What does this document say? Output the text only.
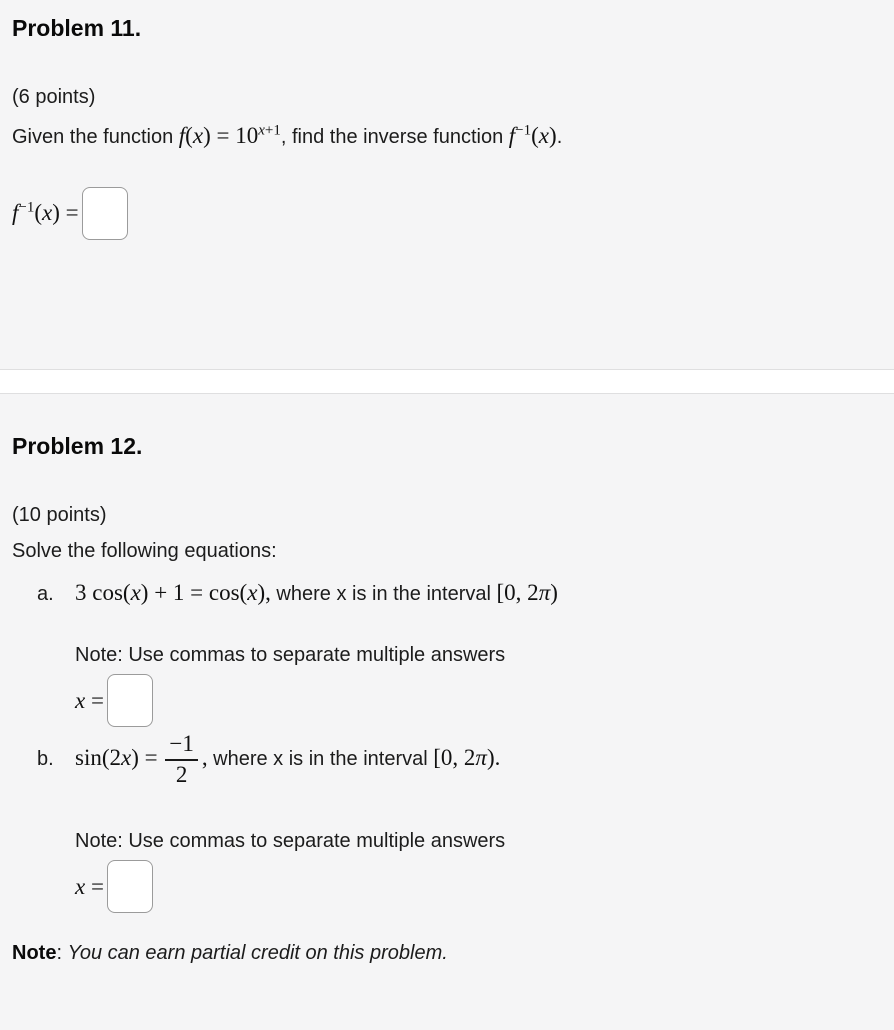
Problem 11.

(6 points)

Given the function $f(x) = 10^{x+1}$, find the inverse function $f^{-1}(x)$.

$f^{-1}(x)$ =
Problem 12.

(10 points)

Solve the following equations:

a. 3 cos(x) + 1 = cos(x), where x is in the interval [0, 2π)

Note: Use commas to separate multiple answers

x =
b. $\sin(2x) = \frac{-1}{2}$ , where x is in the interval [0, 2π).

Note: Use commas to separate multiple answers

x =

Note: You can earn partial credit on this problem.
